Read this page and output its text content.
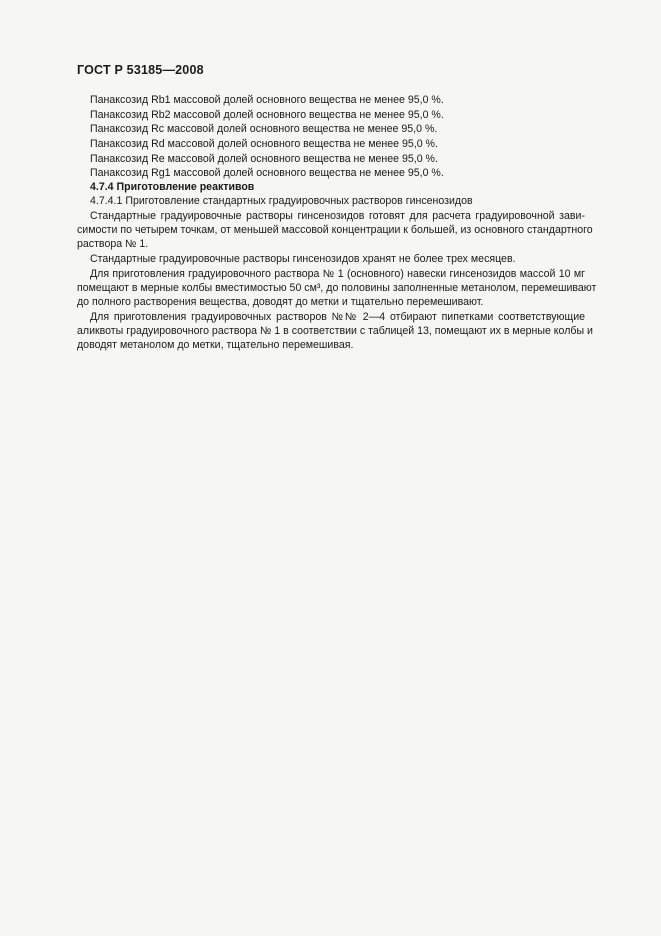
ГОСТ Р 53185—2008
Панаксозид Rb1 массовой долей основного вещества не менее 95,0 %.
Панаксозид Rb2 массовой долей основного вещества не менее 95,0 %.
Панаксозид Rc массовой долей основного вещества не менее 95,0 %.
Панаксозид Rd массовой долей основного вещества не менее 95,0 %.
Панаксозид Re массовой долей основного вещества не менее 95,0 %.
Панаксозид Rg1 массовой долей основного вещества не менее 95,0 %.
4.7.4 Приготовление реактивов
4.7.4.1 Приготовление стандартных градуировочных растворов гинсенозидов
Стандартные градуировочные растворы гинсенозидов готовят для расчета градуировочной зави-
симости по четырем точкам, от меньшей массовой концентрации к большей, из основного стандартного
раствора № 1.
Стандартные градуировочные растворы гинсенозидов хранят не более трех месяцев.
Для приготовления градуировочного раствора № 1 (основного) навески гинсенозидов массой 10 мг
помещают в мерные колбы вместимостью 50 см³, до половины заполненные метанолом, перемешивают
до полного растворения вещества, доводят до метки и тщательно перемешивают.
Для приготовления градуировочных растворов №№ 2—4 отбирают пипетками соответствующие
аликвоты градуировочного раствора № 1 в соответствии с таблицей 13, помещают их в мерные колбы и
доводят метанолом до метки, тщательно перемешивая.
